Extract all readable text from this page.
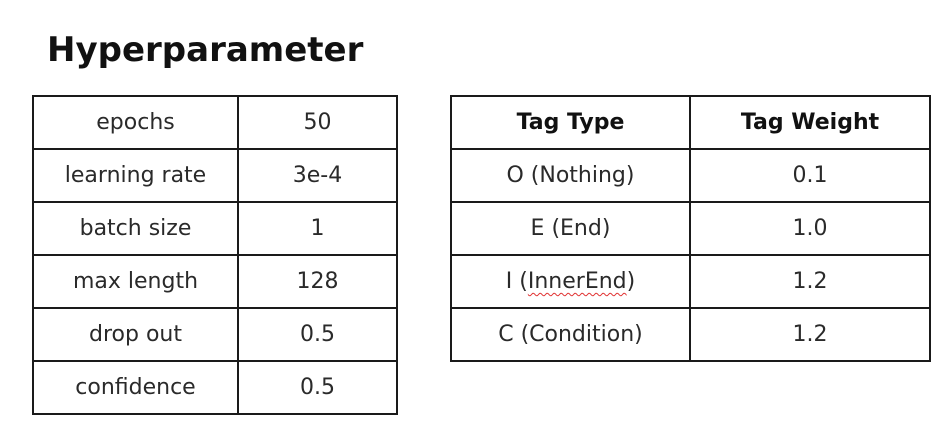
Hyperparameter
epochs	50
learning rate	3e-4
batch size	1
max length	128
drop out	0.5
confidence	0.5
Tag Type	Tag Weight
O (Nothing)	0.1
E (End)	1.0
I (InnerEnd)	1.2
C (Condition)	1.2
